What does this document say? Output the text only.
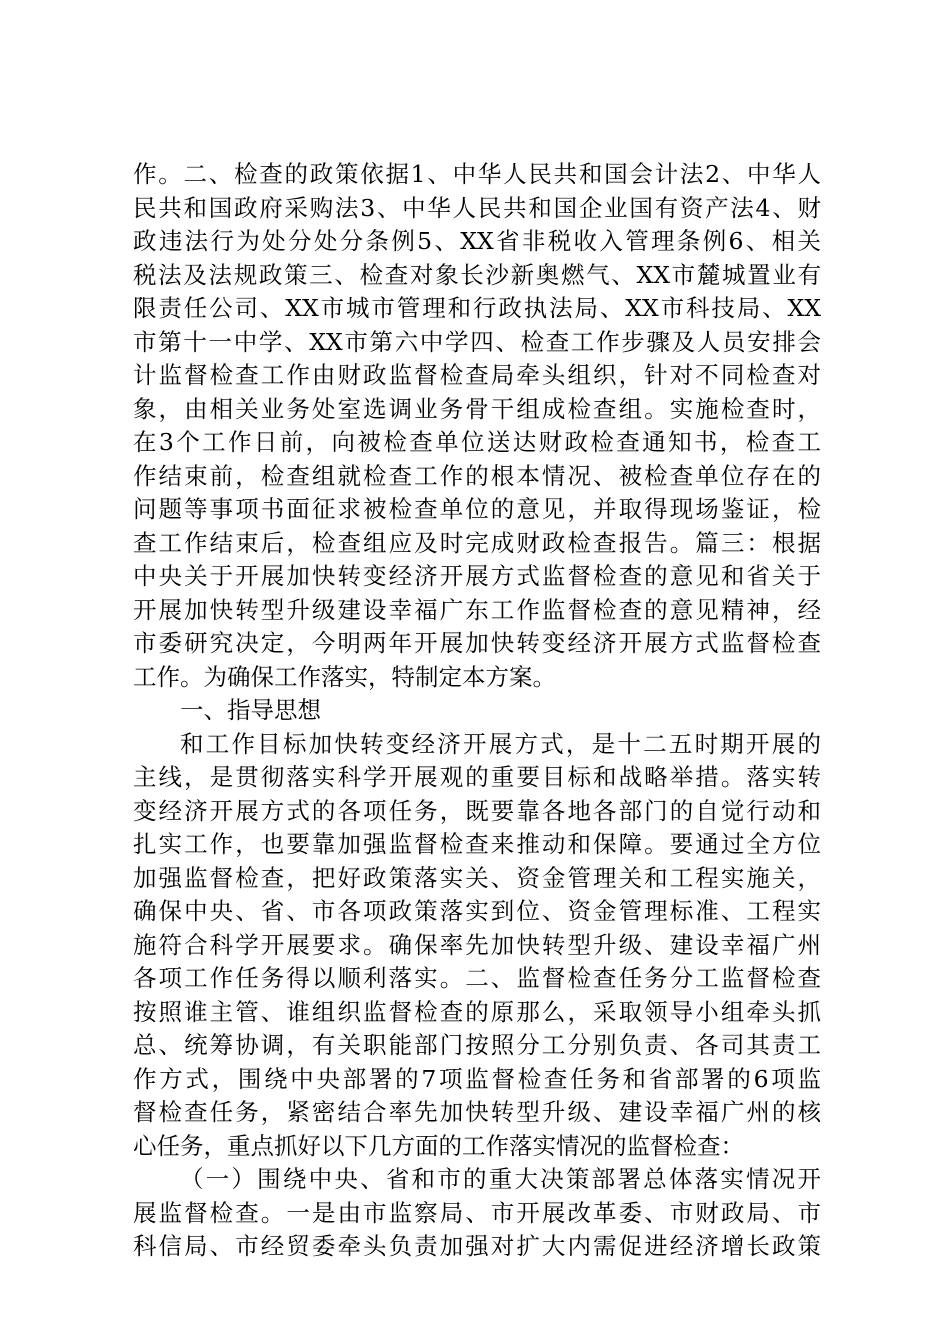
作。二、检查的政策依据1、中华人民共和国会计法2、中华人
民共和国政府采购法3、中华人民共和国企业国有资产法4、财
政违法行为处分处分条例5、XX省非税收入管理条例6、相关
税法及法规政策三、检查对象长沙新奥燃气、XX市麓城置业有
限责任公司、XX市城市管理和行政执法局、XX市科技局、XX
市第十一中学、XX市第六中学四、检查工作步骤及人员安排会
计监督检查工作由财政监督检查局牵头组织，针对不同检查对
象，由相关业务处室选调业务骨干组成检查组。实施检查时，
在3个工作日前，向被检查单位送达财政检查通知书，检查工
作结束前，检查组就检查工作的根本情况、被检查单位存在的
问题等事项书面征求被检查单位的意见，并取得现场鉴证，检
查工作结束后，检查组应及时完成财政检查报告。篇三：根据
中央关于开展加快转变经济开展方式监督检查的意见和省关于
开展加快转型升级建设幸福广东工作监督检查的意见精神，经
市委研究决定，今明两年开展加快转变经济开展方式监督检查
工作。为确保工作落实，特制定本方案。
一、指导思想
和工作目标加快转变经济开展方式，是十二五时期开展的
主线，是贯彻落实科学开展观的重要目标和战略举措。落实转
变经济开展方式的各项任务，既要靠各地各部门的自觉行动和
扎实工作，也要靠加强监督检查来推动和保障。要通过全方位
加强监督检查，把好政策落实关、资金管理关和工程实施关，
确保中央、省、市各项政策落实到位、资金管理标准、工程实
施符合科学开展要求。确保率先加快转型升级、建设幸福广州
各项工作任务得以顺利落实。二、监督检查任务分工监督检查
按照谁主管、谁组织监督检查的原那么，采取领导小组牵头抓
总、统筹协调，有关职能部门按照分工分别负责、各司其责工
作方式，围绕中央部署的7项监督检查任务和省部署的6项监
督检查任务，紧密结合率先加快转型升级、建设幸福广州的核
心任务，重点抓好以下几方面的工作落实情况的监督检查：
（一）围绕中央、省和市的重大决策部署总体落实情况开
展监督检查。一是由市监察局、市开展改革委、市财政局、市
科信局、市经贸委牵头负责加强对扩大内需促进经济增长政策
